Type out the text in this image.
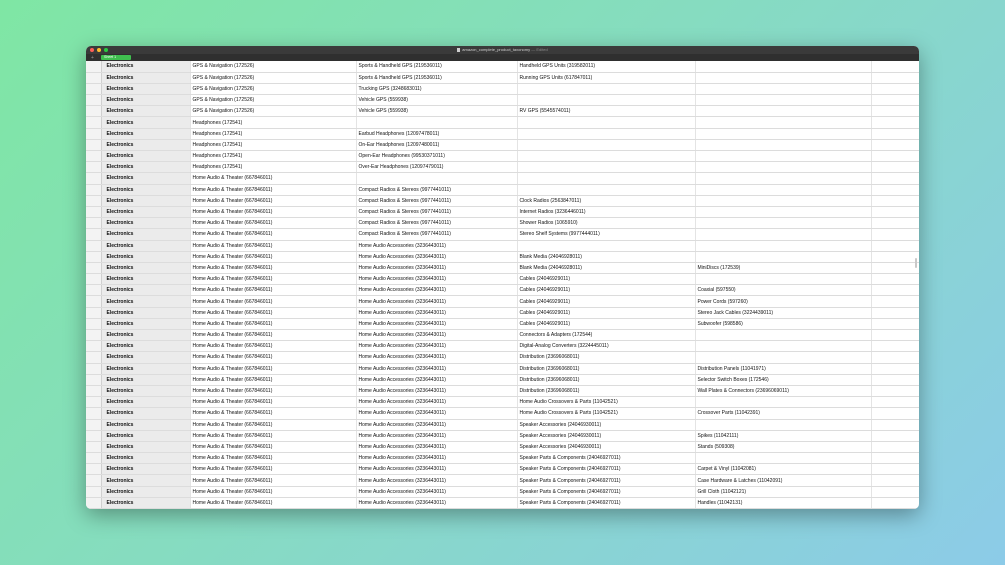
amazon_complete_product_taxonomy — Edited
+	Sheet 1
	Electronics	GPS & Navigation (172526)	Sports & Handheld GPS (219536011)	Handheld GPS Units (319582011)		
	Electronics	GPS & Navigation (172526)	Sports & Handheld GPS (219536011)	Running GPS Units (617847011)		
	Electronics	GPS & Navigation (172526)	Trucking GPS (3248683011)			
	Electronics	GPS & Navigation (172526)	Vehicle GPS (559938)			
	Electronics	GPS & Navigation (172526)	Vehicle GPS (559938)	RV GPS (5545574011)		
	Electronics	Headphones (172541)				
	Electronics	Headphones (172541)	Earbud Headphones (12097478011)			
	Electronics	Headphones (172541)	On-Ear Headphones (12097480011)			
	Electronics	Headphones (172541)	Open-Ear Headphones (99530371011)			
	Electronics	Headphones (172541)	Over-Ear Headphones (12097479011)			
	Electronics	Home Audio & Theater (667846011)				
	Electronics	Home Audio & Theater (667846011)	Compact Radios & Stereos (9977441011)			
	Electronics	Home Audio & Theater (667846011)	Compact Radios & Stereos (9977441011)	Clock Radios (2563847011)		
	Electronics	Home Audio & Theater (667846011)	Compact Radios & Stereos (9977441011)	Internet Radios (3236446011)		
	Electronics	Home Audio & Theater (667846011)	Compact Radios & Stereos (9977441011)	Shower Radios (1065910)		
	Electronics	Home Audio & Theater (667846011)	Compact Radios & Stereos (9977441011)	Stereo Shelf Systems (9977444011)		
	Electronics	Home Audio & Theater (667846011)	Home Audio Accessories (3236443011)			
	Electronics	Home Audio & Theater (667846011)	Home Audio Accessories (3236443011)	Blank Media (24046928011)		
	Electronics	Home Audio & Theater (667846011)	Home Audio Accessories (3236443011)	Blank Media (24046928011)	MiniDiscs (172539)	
	Electronics	Home Audio & Theater (667846011)	Home Audio Accessories (3236443011)	Cables (24046929011)		
	Electronics	Home Audio & Theater (667846011)	Home Audio Accessories (3236443011)	Cables (24046929011)	Coaxial (597550)	
	Electronics	Home Audio & Theater (667846011)	Home Audio Accessories (3236443011)	Cables (24046929011)	Power Cords (597260)	
	Electronics	Home Audio & Theater (667846011)	Home Audio Accessories (3236443011)	Cables (24046929011)	Stereo Jack Cables (3224439011)	
	Electronics	Home Audio & Theater (667846011)	Home Audio Accessories (3236443011)	Cables (24046929011)	Subwoofer (598586)	
	Electronics	Home Audio & Theater (667846011)	Home Audio Accessories (3236443011)	Connectors & Adapters (172544)		
	Electronics	Home Audio & Theater (667846011)	Home Audio Accessories (3236443011)	Digital-Analog Converters (3224445011)		
	Electronics	Home Audio & Theater (667846011)	Home Audio Accessories (3236443011)	Distribution (23696068011)		
	Electronics	Home Audio & Theater (667846011)	Home Audio Accessories (3236443011)	Distribution (23696068011)	Distribution Panels (11041971)	
	Electronics	Home Audio & Theater (667846011)	Home Audio Accessories (3236443011)	Distribution (23696068011)	Selector Switch Boxes (172546)	
	Electronics	Home Audio & Theater (667846011)	Home Audio Accessories (3236443011)	Distribution (23696068011)	Wall Plates & Connectors (23696069011)	
	Electronics	Home Audio & Theater (667846011)	Home Audio Accessories (3236443011)	Home Audio Crossovers & Parts (11042521)		
	Electronics	Home Audio & Theater (667846011)	Home Audio Accessories (3236443011)	Home Audio Crossovers & Parts (11042521)	Crossover Parts (11042391)	
	Electronics	Home Audio & Theater (667846011)	Home Audio Accessories (3236443011)	Speaker Accessories (24046930011)		
	Electronics	Home Audio & Theater (667846011)	Home Audio Accessories (3236443011)	Speaker Accessories (24046930011)	Spikes (11042111)	
	Electronics	Home Audio & Theater (667846011)	Home Audio Accessories (3236443011)	Speaker Accessories (24046930011)	Stands (509308)	
	Electronics	Home Audio & Theater (667846011)	Home Audio Accessories (3236443011)	Speaker Parts & Components (24046927011)		
	Electronics	Home Audio & Theater (667846011)	Home Audio Accessories (3236443011)	Speaker Parts & Components (24046927011)	Carpet & Vinyl (11042081)	
	Electronics	Home Audio & Theater (667846011)	Home Audio Accessories (3236443011)	Speaker Parts & Components (24046927011)	Case Hardware & Latches (11042091)	
	Electronics	Home Audio & Theater (667846011)	Home Audio Accessories (3236443011)	Speaker Parts & Components (24046927011)	Grill Cloth (11042121)	
	Electronics	Home Audio & Theater (667846011)	Home Audio Accessories (3236443011)	Speaker Parts & Components (24046927011)	Handles (11042131)	
